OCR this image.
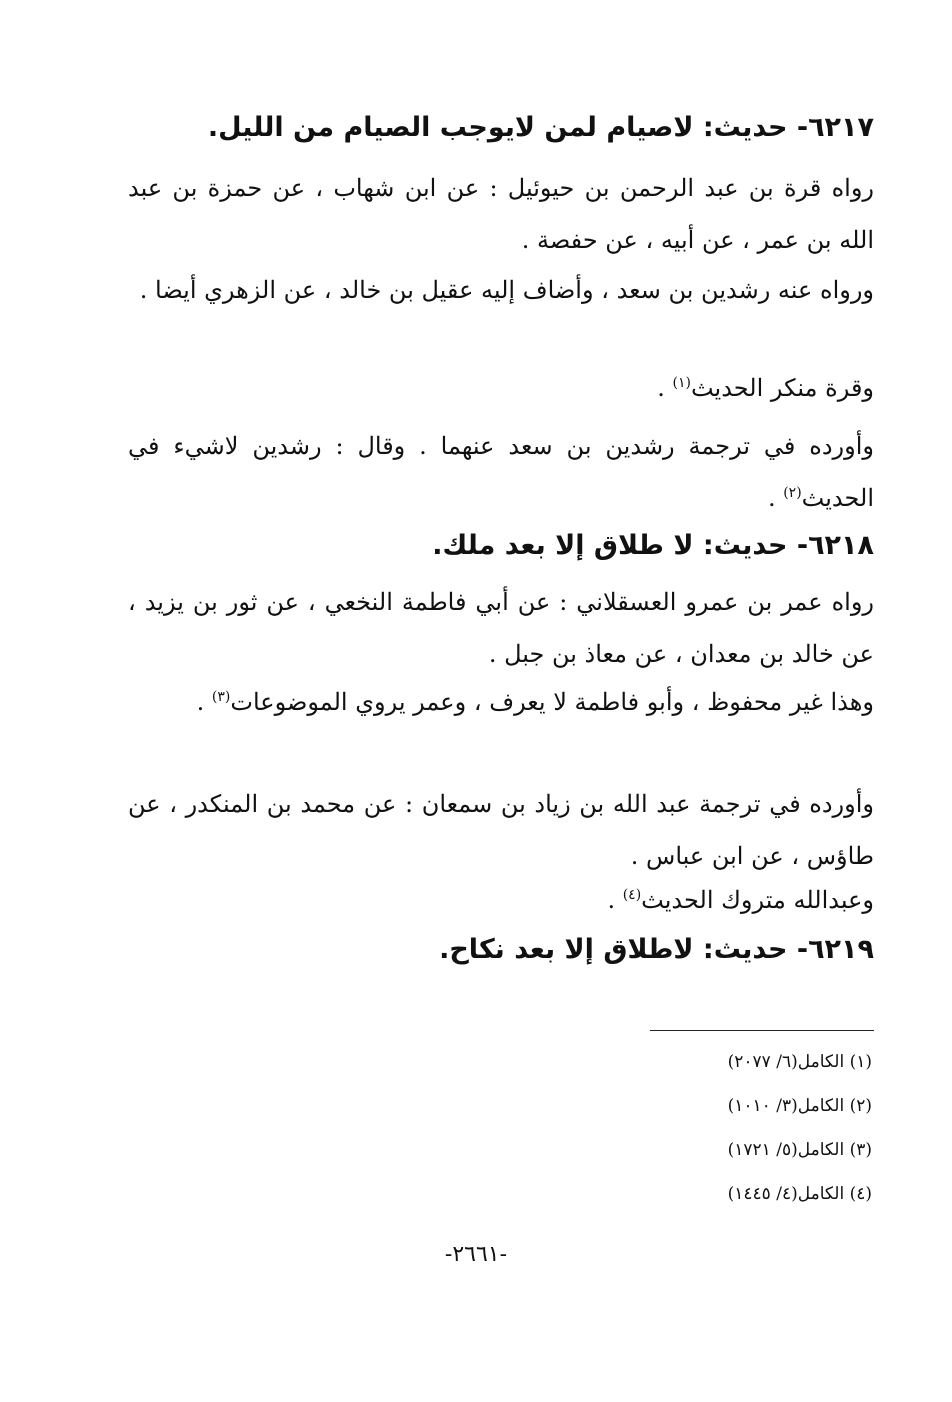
٦٢١٧- حديث: لاصيام لمن لايوجب الصيام من الليل.
رواه قرة بن عبد الرحمن بن حيوئيل : عن ابن شهاب ، عن حمزة بن عبد الله بن عمر ، عن أبيه ، عن حفصة .
ورواه عنه رشدين بن سعد ، وأضاف إليه عقيل بن خالد ، عن الزهري أيضا .
وقرة منكر الحديث$^{(١)}$ .
وأورده في ترجمة رشدين بن سعد عنهما . وقال : رشدين لاشيء في الحديث$^{(٢)}$ .
٦٢١٨- حديث: لا طلاق إلا بعد ملك.
رواه عمر بن عمرو العسقلاني : عن أبي فاطمة النخعي ، عن ثور بن يزيد ، عن خالد بن معدان ، عن معاذ بن جبل .
وهذا غير محفوظ ، وأبو فاطمة لا يعرف ، وعمر يروي الموضوعات$^{(٣)}$ .
وأورده في ترجمة عبد الله بن زياد بن سمعان : عن محمد بن المنكدر ، عن طاؤس ، عن ابن عباس .
وعبدالله متروك الحديث$^{(٤)}$ .
٦٢١٩- حديث: لاطلاق إلا بعد نكاح.
(١) الكامل(٦/ ٢٠٧٧)
(٢) الكامل(٣/ ١٠١٠)
(٣) الكامل(٥/ ١٧٢١)
(٤) الكامل(٤/ ١٤٤٥)
-٢٦٦١-
